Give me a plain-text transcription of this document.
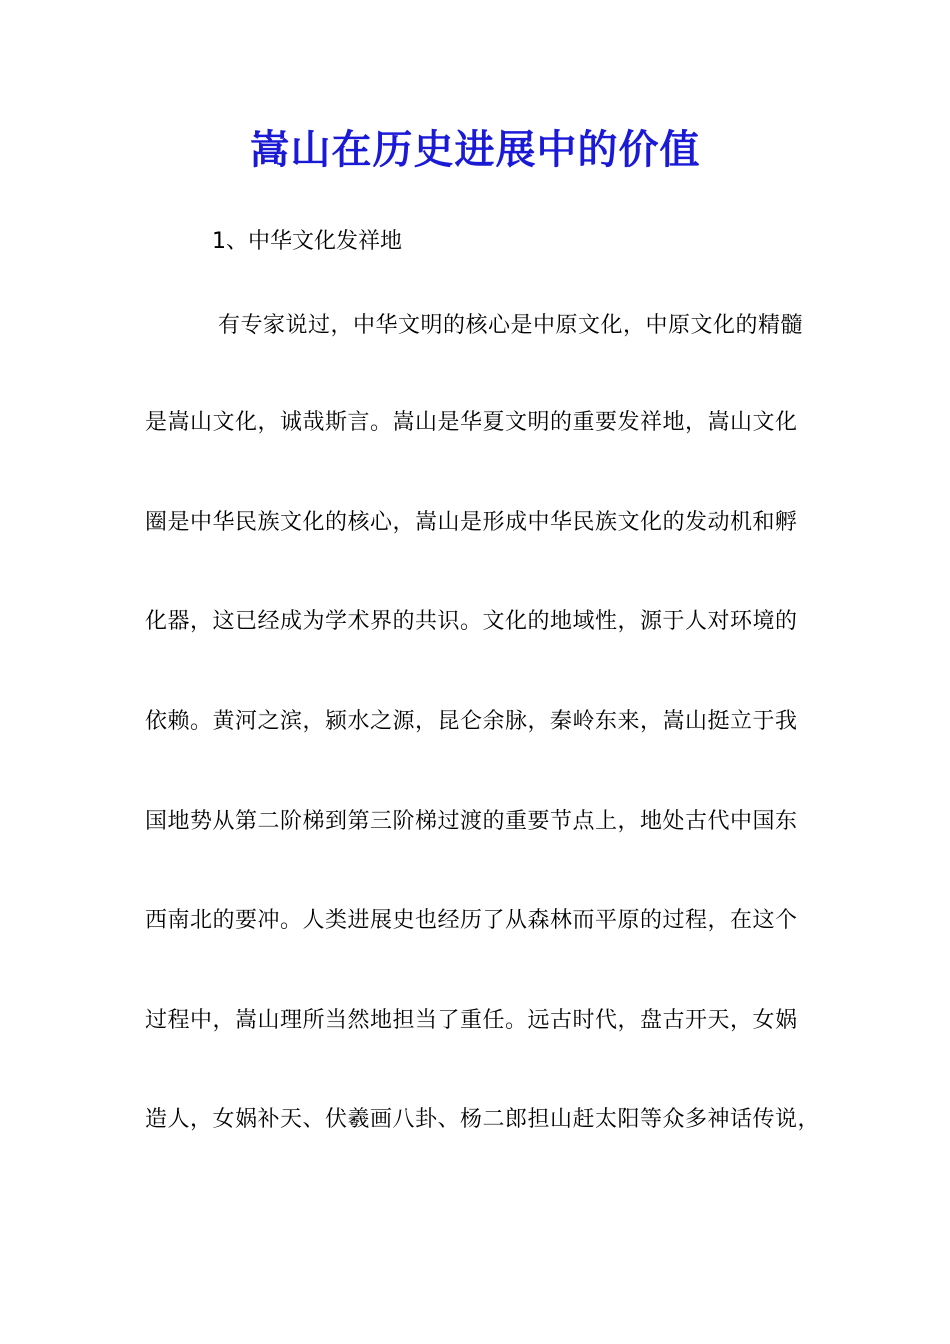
嵩山在历史进展中的价值
1、中华文化发祥地
有专家说过，中华文明的核心是中原文化，中原文化的精髓
是嵩山文化，诚哉斯言。嵩山是华夏文明的重要发祥地，嵩山文化
圈是中华民族文化的核心，嵩山是形成中华民族文化的发动机和孵
化器，这已经成为学术界的共识。文化的地域性，源于人对环境的
依赖。黄河之滨，颍水之源，昆仑余脉，秦岭东来，嵩山挺立于我
国地势从第二阶梯到第三阶梯过渡的重要节点上，地处古代中国东
西南北的要冲。人类进展史也经历了从森林而平原的过程，在这个
过程中，嵩山理所当然地担当了重任。远古时代，盘古开天，女娲
造人，女娲补天、伏羲画八卦、杨二郎担山赶太阳等众多神话传说，
